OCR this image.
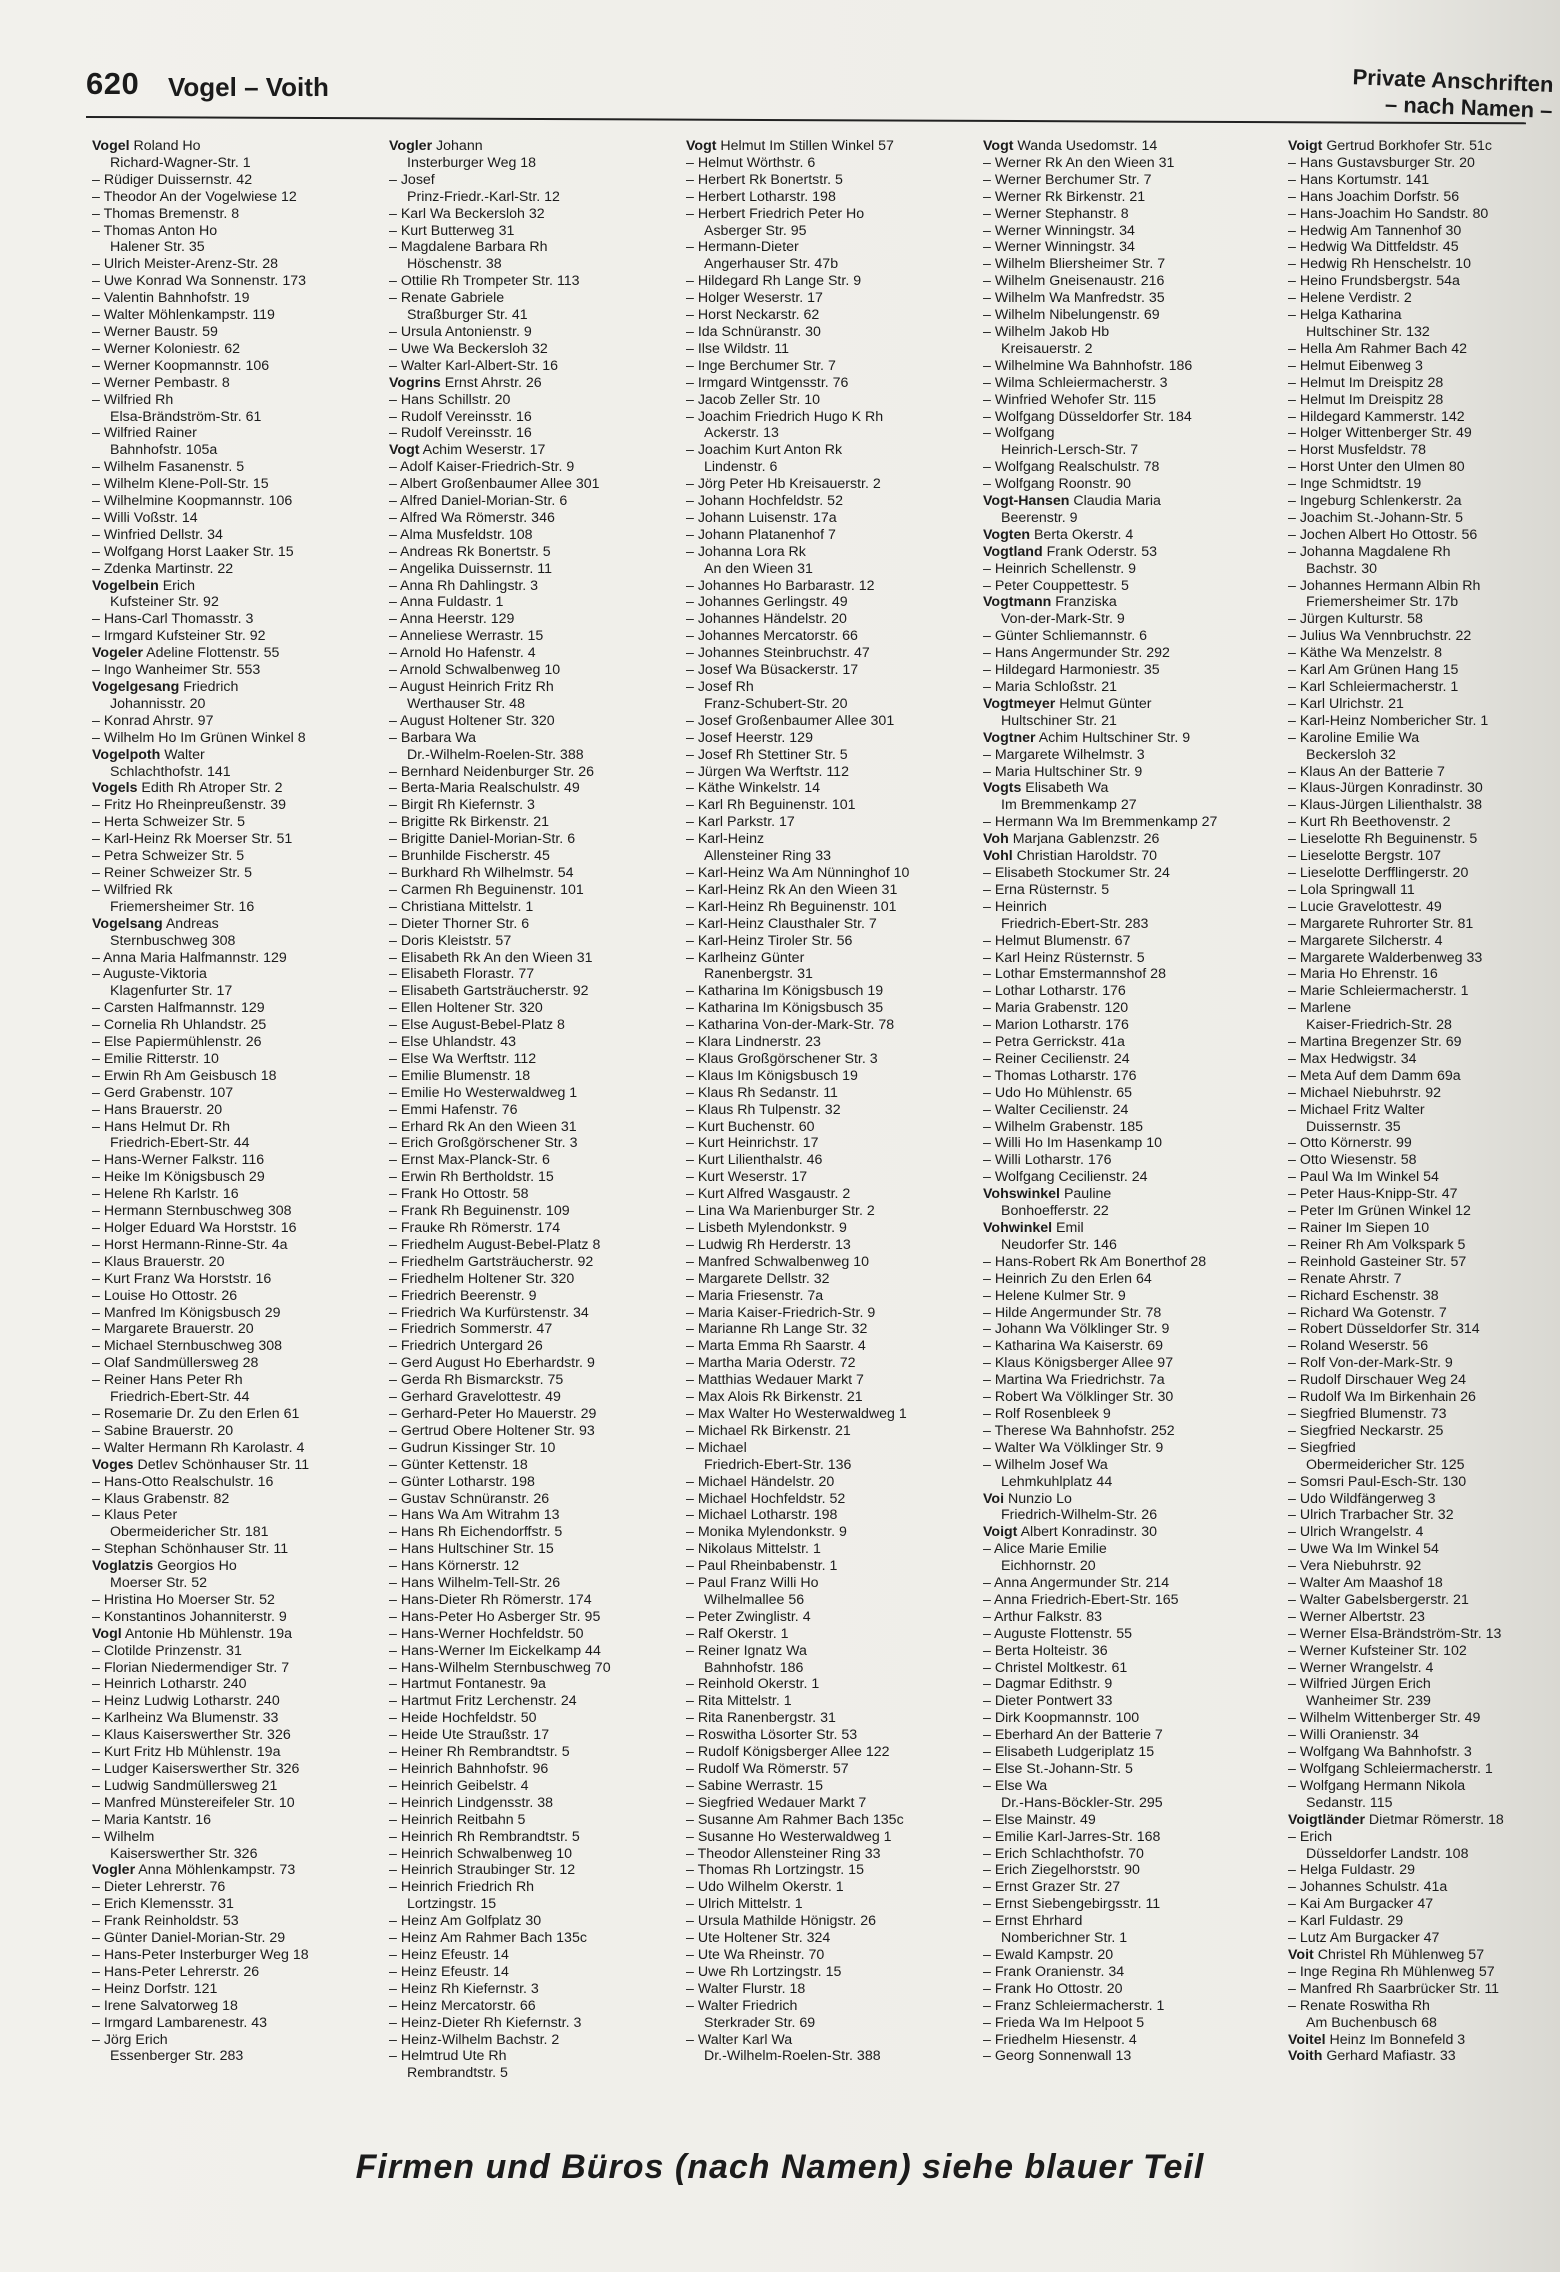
620 Vogel – Voith	Private Anschriften
– nach Namen –
Vogel Roland Ho
Richard-Wagner-Str. 1
– Rüdiger Duissernstr. 42
– Theodor An der Vogelwiese 12
– Thomas Bremenstr. 8
– Thomas Anton Ho
Halener Str. 35
– Ulrich Meister-Arenz-Str. 28
– Uwe Konrad Wa Sonnenstr. 173
– Valentin Bahnhofstr. 19
– Walter Möhlenkampstr. 119
– Werner Baustr. 59
– Werner Koloniestr. 62
– Werner Koopmannstr. 106
– Werner Pembastr. 8
– Wilfried Rh
Elsa-Brändström-Str. 61
– Wilfried Rainer
Bahnhofstr. 105a
– Wilhelm Fasanenstr. 5
– Wilhelm Klene-Poll-Str. 15
– Wilhelmine Koopmannstr. 106
– Willi Voßstr. 14
– Winfried Dellstr. 34
– Wolfgang Horst Laaker Str. 15
– Zdenka Martinstr. 22
Vogelbein Erich
Kufsteiner Str. 92
– Hans-Carl Thomasstr. 3
– Irmgard Kufsteiner Str. 92
Vogeler Adeline Flottenstr. 55
– Ingo Wanheimer Str. 553
Vogelgesang Friedrich
Johannisstr. 20
– Konrad Ahrstr. 97
– Wilhelm Ho Im Grünen Winkel 8
Vogelpoth Walter
Schlachthofstr. 141
Vogels Edith Rh Atroper Str. 2
– Fritz Ho Rheinpreußenstr. 39
– Herta Schweizer Str. 5
– Karl-Heinz Rk Moerser Str. 51
– Petra Schweizer Str. 5
– Reiner Schweizer Str. 5
– Wilfried Rk
Friemersheimer Str. 16
Vogelsang Andreas
Sternbuschweg 308
– Anna Maria Halfmannstr. 129
– Auguste-Viktoria
Klagenfurter Str. 17
– Carsten Halfmannstr. 129
– Cornelia Rh Uhlandstr. 25
– Else Papiermühlenstr. 26
– Emilie Ritterstr. 10
– Erwin Rh Am Geisbusch 18
– Gerd Grabenstr. 107
– Hans Brauerstr. 20
– Hans Helmut Dr. Rh
Friedrich-Ebert-Str. 44
– Hans-Werner Falkstr. 116
– Heike Im Königsbusch 29
– Helene Rh Karlstr. 16
– Hermann Sternbuschweg 308
– Holger Eduard Wa Horststr. 16
– Horst Hermann-Rinne-Str. 4a
– Klaus Brauerstr. 20
– Kurt Franz Wa Horststr. 16
– Louise Ho Ottostr. 26
– Manfred Im Königsbusch 29
– Margarete Brauerstr. 20
– Michael Sternbuschweg 308
– Olaf Sandmüllersweg 28
– Reiner Hans Peter Rh
Friedrich-Ebert-Str. 44
– Rosemarie Dr. Zu den Erlen 61
– Sabine Brauerstr. 20
– Walter Hermann Rh Karolastr. 4
Voges Detlev Schönhauser Str. 11
– Hans-Otto Realschulstr. 16
– Klaus Grabenstr. 82
– Klaus Peter
Obermeidericher Str. 181
– Stephan Schönhauser Str. 11
Voglatzis Georgios Ho
Moerser Str. 52
– Hristina Ho Moerser Str. 52
– Konstantinos Johanniterstr. 9
Vogl Antonie Hb Mühlenstr. 19a
– Clotilde Prinzenstr. 31
– Florian Niedermendiger Str. 7
– Heinrich Lotharstr. 240
– Heinz Ludwig Lotharstr. 240
– Karlheinz Wa Blumenstr. 33
– Klaus Kaiserswerther Str. 326
– Kurt Fritz Hb Mühlenstr. 19a
– Ludger Kaiserswerther Str. 326
– Ludwig Sandmüllersweg 21
– Manfred Münstereifeler Str. 10
– Maria Kantstr. 16
– Wilhelm
Kaiserswerther Str. 326
Vogler Anna Möhlenkampstr. 73
– Dieter Lehrerstr. 76
– Erich Klemensstr. 31
– Frank Reinholdstr. 53
– Günter Daniel-Morian-Str. 29
– Hans-Peter Insterburger Weg 18
– Hans-Peter Lehrerstr. 26
– Heinz Dorfstr. 121
– Irene Salvatorweg 18
– Irmgard Lambarenestr. 43
– Jörg Erich
Essenberger Str. 283
Vogler Johann
Insterburger Weg 18
– Josef
Prinz-Friedr.-Karl-Str. 12
– Karl Wa Beckersloh 32
– Kurt Butterweg 31
– Magdalene Barbara Rh
Höschenstr. 38
– Ottilie Rh Trompeter Str. 113
– Renate Gabriele
Straßburger Str. 41
– Ursula Antonienstr. 9
– Uwe Wa Beckersloh 32
– Walter Karl-Albert-Str. 16
Vogrins Ernst Ahrstr. 26
– Hans Schillstr. 20
– Rudolf Vereinsstr. 16
– Rudolf Vereinsstr. 16
Vogt Achim Weserstr. 17
– Adolf Kaiser-Friedrich-Str. 9
– Albert Großenbaumer Allee 301
– Alfred Daniel-Morian-Str. 6
– Alfred Wa Römerstr. 346
– Alma Musfeldstr. 108
– Andreas Rk Bonertstr. 5
– Angelika Duissernstr. 11
– Anna Rh Dahlingstr. 3
– Anna Fuldastr. 1
– Anna Heerstr. 129
– Anneliese Werrastr. 15
– Arnold Ho Hafenstr. 4
– Arnold Schwalbenweg 10
– August Heinrich Fritz Rh
Werthauser Str. 48
– August Holtener Str. 320
– Barbara Wa
Dr.-Wilhelm-Roelen-Str. 388
– Bernhard Neidenburger Str. 26
– Berta-Maria Realschulstr. 49
– Birgit Rh Kiefernstr. 3
– Brigitte Rk Birkenstr. 21
– Brigitte Daniel-Morian-Str. 6
– Brunhilde Fischerstr. 45
– Burkhard Rh Wilhelmstr. 54
– Carmen Rh Beguinenstr. 101
– Christiana Mittelstr. 1
– Dieter Thorner Str. 6
– Doris Kleiststr. 57
– Elisabeth Rk An den Wieen 31
– Elisabeth Florastr. 77
– Elisabeth Gartsträucherstr. 92
– Ellen Holtener Str. 320
– Else August-Bebel-Platz 8
– Else Uhlandstr. 43
– Else Wa Werftstr. 112
– Emilie Blumenstr. 18
– Emilie Ho Westerwaldweg 1
– Emmi Hafenstr. 76
– Erhard Rk An den Wieen 31
– Erich Großgörschener Str. 3
– Ernst Max-Planck-Str. 6
– Erwin Rh Bertholdstr. 15
– Frank Ho Ottostr. 58
– Frank Rh Beguinenstr. 109
– Frauke Rh Römerstr. 174
– Friedhelm August-Bebel-Platz 8
– Friedhelm Gartsträucherstr. 92
– Friedhelm Holtener Str. 320
– Friedrich Beerenstr. 9
– Friedrich Wa Kurfürstenstr. 34
– Friedrich Sommerstr. 47
– Friedrich Untergard 26
– Gerd August Ho Eberhardstr. 9
– Gerda Rh Bismarckstr. 75
– Gerhard Gravelottestr. 49
– Gerhard-Peter Ho Mauerstr. 29
– Gertrud Obere Holtener Str. 93
– Gudrun Kissinger Str. 10
– Günter Kettenstr. 18
– Günter Lotharstr. 198
– Gustav Schnüranstr. 26
– Hans Wa Am Witrahm 13
– Hans Rh Eichendorffstr. 5
– Hans Hultschiner Str. 15
– Hans Körnerstr. 12
– Hans Wilhelm-Tell-Str. 26
– Hans-Dieter Rh Römerstr. 174
– Hans-Peter Ho Asberger Str. 95
– Hans-Werner Hochfeldstr. 50
– Hans-Werner Im Eickelkamp 44
– Hans-Wilhelm Sternbuschweg 70
– Hartmut Fontanestr. 9a
– Hartmut Fritz Lerchenstr. 24
– Heide Hochfeldstr. 50
– Heide Ute Straußstr. 17
– Heiner Rh Rembrandtstr. 5
– Heinrich Bahnhofstr. 96
– Heinrich Geibelstr. 4
– Heinrich Lindgensstr. 38
– Heinrich Reitbahn 5
– Heinrich Rh Rembrandtstr. 5
– Heinrich Schwalbenweg 10
– Heinrich Straubinger Str. 12
– Heinrich Friedrich Rh
Lortzingstr. 15
– Heinz Am Golfplatz 30
– Heinz Am Rahmer Bach 135c
– Heinz Efeustr. 14
– Heinz Efeustr. 14
– Heinz Rh Kiefernstr. 3
– Heinz Mercatorstr. 66
– Heinz-Dieter Rh Kiefernstr. 3
– Heinz-Wilhelm Bachstr. 2
– Helmtrud Ute Rh
Rembrandtstr. 5
Vogt Helmut Im Stillen Winkel 57
– Helmut Wörthstr. 6
– Herbert Rk Bonertstr. 5
– Herbert Lotharstr. 198
– Herbert Friedrich Peter Ho
Asberger Str. 95
– Hermann-Dieter
Angerhauser Str. 47b
– Hildegard Rh Lange Str. 9
– Holger Weserstr. 17
– Horst Neckarstr. 62
– Ida Schnüranstr. 30
– Ilse Wildstr. 11
– Inge Berchumer Str. 7
– Irmgard Wintgensstr. 76
– Jacob Zeller Str. 10
– Joachim Friedrich Hugo K Rh
Ackerstr. 13
– Joachim Kurt Anton Rk
Lindenstr. 6
– Jörg Peter Hb Kreisauerstr. 2
– Johann Hochfeldstr. 52
– Johann Luisenstr. 17a
– Johann Platanenhof 7
– Johanna Lora Rk
An den Wieen 31
– Johannes Ho Barbarastr. 12
– Johannes Gerlingstr. 49
– Johannes Händelstr. 20
– Johannes Mercatorstr. 66
– Johannes Steinbruchstr. 47
– Josef Wa Büsackerstr. 17
– Josef Rh
Franz-Schubert-Str. 20
– Josef Großenbaumer Allee 301
– Josef Heerstr. 129
– Josef Rh Stettiner Str. 5
– Jürgen Wa Werftstr. 112
– Käthe Winkelstr. 14
– Karl Rh Beguinenstr. 101
– Karl Parkstr. 17
– Karl-Heinz
Allensteiner Ring 33
– Karl-Heinz Wa Am Nünninghof 10
– Karl-Heinz Rk An den Wieen 31
– Karl-Heinz Rh Beguinenstr. 101
– Karl-Heinz Clausthaler Str. 7
– Karl-Heinz Tiroler Str. 56
– Karlheinz Günter
Ranenbergstr. 31
– Katharina Im Königsbusch 19
– Katharina Im Königsbusch 35
– Katharina Von-der-Mark-Str. 78
– Klara Lindnerstr. 23
– Klaus Großgörschener Str. 3
– Klaus Im Königsbusch 19
– Klaus Rh Sedanstr. 11
– Klaus Rh Tulpenstr. 32
– Kurt Buchenstr. 60
– Kurt Heinrichstr. 17
– Kurt Lilienthalstr. 46
– Kurt Weserstr. 17
– Kurt Alfred Wasgaustr. 2
– Lina Wa Marienburger Str. 2
– Lisbeth Mylendonkstr. 9
– Ludwig Rh Herderstr. 13
– Manfred Schwalbenweg 10
– Margarete Dellstr. 32
– Maria Friesenstr. 7a
– Maria Kaiser-Friedrich-Str. 9
– Marianne Rh Lange Str. 32
– Marta Emma Rh Saarstr. 4
– Martha Maria Oderstr. 72
– Matthias Wedauer Markt 7
– Max Alois Rk Birkenstr. 21
– Max Walter Ho Westerwaldweg 1
– Michael Rk Birkenstr. 21
– Michael
Friedrich-Ebert-Str. 136
– Michael Händelstr. 20
– Michael Hochfeldstr. 52
– Michael Lotharstr. 198
– Monika Mylendonkstr. 9
– Nikolaus Mittelstr. 1
– Paul Rheinbabenstr. 1
– Paul Franz Willi Ho
Wilhelmallee 56
– Peter Zwinglistr. 4
– Ralf Okerstr. 1
– Reiner Ignatz Wa
Bahnhofstr. 186
– Reinhold Okerstr. 1
– Rita Mittelstr. 1
– Rita Ranenbergstr. 31
– Roswitha Lösorter Str. 53
– Rudolf Königsberger Allee 122
– Rudolf Wa Römerstr. 57
– Sabine Werrastr. 15
– Siegfried Wedauer Markt 7
– Susanne Am Rahmer Bach 135c
– Susanne Ho Westerwaldweg 1
– Theodor Allensteiner Ring 33
– Thomas Rh Lortzingstr. 15
– Udo Wilhelm Okerstr. 1
– Ulrich Mittelstr. 1
– Ursula Mathilde Hönigstr. 26
– Ute Holtener Str. 324
– Ute Wa Rheinstr. 70
– Uwe Rh Lortzingstr. 15
– Walter Flurstr. 18
– Walter Friedrich
Sterkrader Str. 69
– Walter Karl Wa
Dr.-Wilhelm-Roelen-Str. 388
Vogt Wanda Usedomstr. 14
– Werner Rk An den Wieen 31
– Werner Berchumer Str. 7
– Werner Rk Birkenstr. 21
– Werner Stephanstr. 8
– Werner Winningstr. 34
– Werner Winningstr. 34
– Wilhelm Bliersheimer Str. 7
– Wilhelm Gneisenaustr. 216
– Wilhelm Wa Manfredstr. 35
– Wilhelm Nibelungenstr. 69
– Wilhelm Jakob Hb
Kreisauerstr. 2
– Wilhelmine Wa Bahnhofstr. 186
– Wilma Schleiermacherstr. 3
– Winfried Wehofer Str. 115
– Wolfgang Düsseldorfer Str. 184
– Wolfgang
Heinrich-Lersch-Str. 7
– Wolfgang Realschulstr. 78
– Wolfgang Roonstr. 90
Vogt-Hansen Claudia Maria
Beerenstr. 9
Vogten Berta Okerstr. 4
Vogtland Frank Oderstr. 53
– Heinrich Schellenstr. 9
– Peter Couppettestr. 5
Vogtmann Franziska
Von-der-Mark-Str. 9
– Günter Schliemannstr. 6
– Hans Angermunder Str. 292
– Hildegard Harmoniestr. 35
– Maria Schloßstr. 21
Vogtmeyer Helmut Günter
Hultschiner Str. 21
Vogtner Achim Hultschiner Str. 9
– Margarete Wilhelmstr. 3
– Maria Hultschiner Str. 9
Vogts Elisabeth Wa
Im Bremmenkamp 27
– Hermann Wa Im Bremmenkamp 27
Voh Marjana Gablenzstr. 26
Vohl Christian Haroldstr. 70
– Elisabeth Stockumer Str. 24
– Erna Rüsternstr. 5
– Heinrich
Friedrich-Ebert-Str. 283
– Helmut Blumenstr. 67
– Karl Heinz Rüsternstr. 5
– Lothar Emstermannshof 28
– Lothar Lotharstr. 176
– Maria Grabenstr. 120
– Marion Lotharstr. 176
– Petra Gerrickstr. 41a
– Reiner Cecilienstr. 24
– Thomas Lotharstr. 176
– Udo Ho Mühlenstr. 65
– Walter Cecilienstr. 24
– Wilhelm Grabenstr. 185
– Willi Ho Im Hasenkamp 10
– Willi Lotharstr. 176
– Wolfgang Cecilienstr. 24
Vohswinkel Pauline
Bonhoefferstr. 22
Vohwinkel Emil
Neudorfer Str. 146
– Hans-Robert Rk Am Bonerthof 28
– Heinrich Zu den Erlen 64
– Helene Kulmer Str. 9
– Hilde Angermunder Str. 78
– Johann Wa Völklinger Str. 9
– Katharina Wa Kaiserstr. 69
– Klaus Königsberger Allee 97
– Martina Wa Friedrichstr. 7a
– Robert Wa Völklinger Str. 30
– Rolf Rosenbleek 9
– Therese Wa Bahnhofstr. 252
– Walter Wa Völklinger Str. 9
– Wilhelm Josef Wa
Lehmkuhlplatz 44
Voi Nunzio Lo
Friedrich-Wilhelm-Str. 26
Voigt Albert Konradinstr. 30
– Alice Marie Emilie
Eichhornstr. 20
– Anna Angermunder Str. 214
– Anna Friedrich-Ebert-Str. 165
– Arthur Falkstr. 83
– Auguste Flottenstr. 55
– Berta Holteistr. 36
– Christel Moltkestr. 61
– Dagmar Edithstr. 9
– Dieter Pontwert 33
– Dirk Koopmannstr. 100
– Eberhard An der Batterie 7
– Elisabeth Ludgeriplatz 15
– Else St.-Johann-Str. 5
– Else Wa
Dr.-Hans-Böckler-Str. 295
– Else Mainstr. 49
– Emilie Karl-Jarres-Str. 168
– Erich Schlachthofstr. 70
– Erich Ziegelhorststr. 90
– Ernst Grazer Str. 27
– Ernst Siebengebirgsstr. 11
– Ernst Ehrhard
Nomberichner Str. 1
– Ewald Kampstr. 20
– Frank Oranienstr. 34
– Frank Ho Ottostr. 20
– Franz Schleiermacherstr. 1
– Frieda Wa Im Helpoot 5
– Friedhelm Hiesenstr. 4
– Georg Sonnenwall 13
Voigt Gertrud Borkhofer Str. 51c
– Hans Gustavsburger Str. 20
– Hans Kortumstr. 141
– Hans Joachim Dorfstr. 56
– Hans-Joachim Ho Sandstr. 80
– Hedwig Am Tannenhof 30
– Hedwig Wa Dittfeldstr. 45
– Hedwig Rh Henschelstr. 10
– Heino Frundsbergstr. 54a
– Helene Verdistr. 2
– Helga Katharina
Hultschiner Str. 132
– Hella Am Rahmer Bach 42
– Helmut Eibenweg 3
– Helmut Im Dreispitz 28
– Helmut Im Dreispitz 28
– Hildegard Kammerstr. 142
– Holger Wittenberger Str. 49
– Horst Musfeldstr. 78
– Horst Unter den Ulmen 80
– Inge Schmidtstr. 19
– Ingeburg Schlenkerstr. 2a
– Joachim St.-Johann-Str. 5
– Jochen Albert Ho Ottostr. 56
– Johanna Magdalene Rh
Bachstr. 30
– Johannes Hermann Albin Rh
Friemersheimer Str. 17b
– Jürgen Kulturstr. 58
– Julius Wa Vennbruchstr. 22
– Käthe Wa Menzelstr. 8
– Karl Am Grünen Hang 15
– Karl Schleiermacherstr. 1
– Karl Ulrichstr. 21
– Karl-Heinz Nombericher Str. 1
– Karoline Emilie Wa
Beckersloh 32
– Klaus An der Batterie 7
– Klaus-Jürgen Konradinstr. 30
– Klaus-Jürgen Lilienthalstr. 38
– Kurt Rh Beethovenstr. 2
– Lieselotte Rh Beguinenstr. 5
– Lieselotte Bergstr. 107
– Lieselotte Derfflingerstr. 20
– Lola Springwall 11
– Lucie Gravelottestr. 49
– Margarete Ruhrorter Str. 81
– Margarete Silcherstr. 4
– Margarete Walderbenweg 33
– Maria Ho Ehrenstr. 16
– Marie Schleiermacherstr. 1
– Marlene
Kaiser-Friedrich-Str. 28
– Martina Bregenzer Str. 69
– Max Hedwigstr. 34
– Meta Auf dem Damm 69a
– Michael Niebuhrstr. 92
– Michael Fritz Walter
Duissernstr. 35
– Otto Körnerstr. 99
– Otto Wiesenstr. 58
– Paul Wa Im Winkel 54
– Peter Haus-Knipp-Str. 47
– Peter Im Grünen Winkel 12
– Rainer Im Siepen 10
– Reiner Rh Am Volkspark 5
– Reinhold Gasteiner Str. 57
– Renate Ahrstr. 7
– Richard Eschenstr. 38
– Richard Wa Gotenstr. 7
– Robert Düsseldorfer Str. 314
– Roland Weserstr. 56
– Rolf Von-der-Mark-Str. 9
– Rudolf Dirschauer Weg 24
– Rudolf Wa Im Birkenhain 26
– Siegfried Blumenstr. 73
– Siegfried Neckarstr. 25
– Siegfried
Obermeidericher Str. 125
– Somsri Paul-Esch-Str. 130
– Udo Wildfängerweg 3
– Ulrich Trarbacher Str. 32
– Ulrich Wrangelstr. 4
– Uwe Wa Im Winkel 54
– Vera Niebuhrstr. 92
– Walter Am Maashof 18
– Walter Gabelsbergerstr. 21
– Werner Albertstr. 23
– Werner Elsa-Brändström-Str. 13
– Werner Kufsteiner Str. 102
– Werner Wrangelstr. 4
– Wilfried Jürgen Erich
Wanheimer Str. 239
– Wilhelm Wittenberger Str. 49
– Willi Oranienstr. 34
– Wolfgang Wa Bahnhofstr. 3
– Wolfgang Schleiermacherstr. 1
– Wolfgang Hermann Nikola
Sedanstr. 115
Voigtländer Dietmar Römerstr. 18
– Erich
Düsseldorfer Landstr. 108
– Helga Fuldastr. 29
– Johannes Schulstr. 41a
– Kai Am Burgacker 47
– Karl Fuldastr. 29
– Lutz Am Burgacker 47
Voit Christel Rh Mühlenweg 57
– Inge Regina Rh Mühlenweg 57
– Manfred Rh Saarbrücker Str. 11
– Renate Roswitha Rh
Am Buchenbusch 68
Voitel Heinz Im Bonnefeld 3
Voith Gerhard Mafiastr. 33
Firmen und Büros (nach Namen) siehe blauer Teil
